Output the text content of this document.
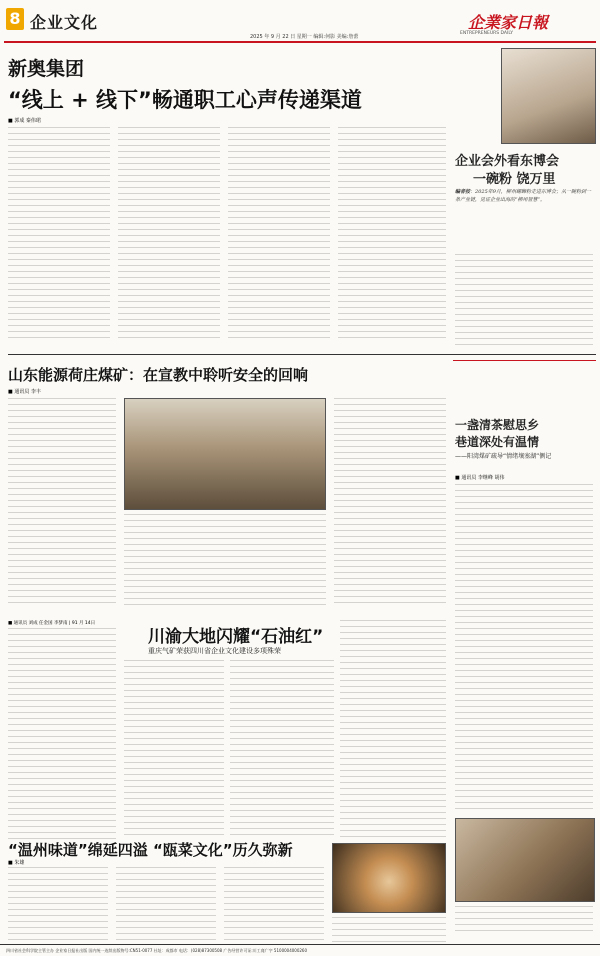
8 企业文化	企業家日報
ENTREPRENEURS DAILY
2025 年 9 月 22 日 星期一 编辑:何影 美编:詹蕾
新奥集团
“线上 + 线下”畅通职工心声传递渠道
■ 郭成 秦伟珺
企业会外看东博会
一碗粉 饶万里
编者按：2025年9月，柳州螺蛳粉走进东博会；从一碗粉到一条产业链，见证企业出海的“柳州智慧”。
山东能源荷庄煤矿：在宣教中聆听安全的回响
■ 通讯员 李丰
一盏清茶慰思乡
巷道深处有温情
——阳湾煤矿疏导“情绪壤塞湖”侧记
■ 通讯员 李继峰 胡伟
■ 通讯员 刘成 任金国 李梦南 | 91 月 14日
川渝大地闪耀“石油红”
重庆气矿荣获四川省企业文化建设多项殊荣
“温州味道”绵延四溢 “瓯菜文化”历久弥新
■ 朱雄
四川省社会科学院主管主办 企业家日报社出版 国内统一连续出版物号:CN51-0077 社址：成都市 电话：(028)87300508 广告经营许可证:川工商广字 5100004000260
